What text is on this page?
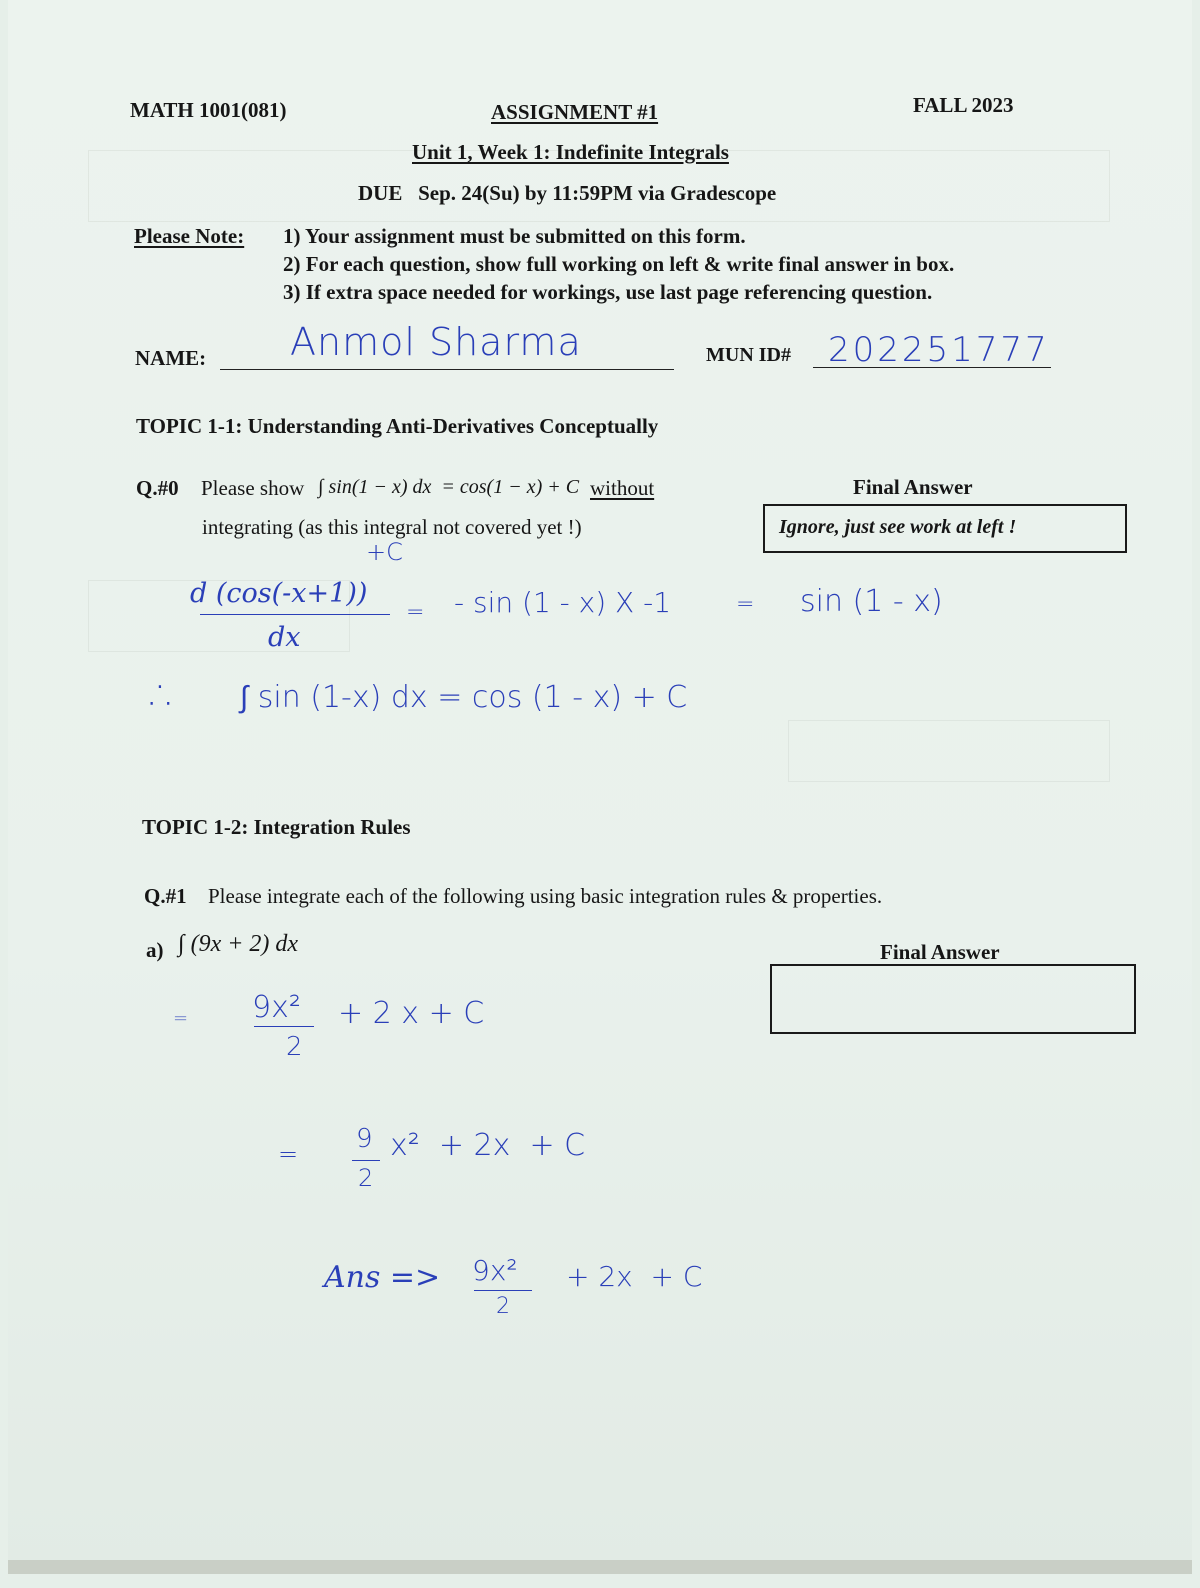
MATH 1001(081)	ASSIGNMENT #1	FALL 2023
Unit 1, Week 1: Indefinite Integrals
DUE   Sep. 24(Su) by 11:59PM via Gradescope
Please Note: 1) Your assignment must be submitted on this form.
2) For each question, show full working on left & write final answer in box.
3) If extra space needed for workings, use last page referencing question.
NAME: Anmol Sharma	MUN ID# 202251777
TOPIC 1-1: Understanding Anti-Derivatives Conceptually
Q.#0 Please show ∫ sin(1 − x) dx  = cos(1 − x) + C without
integrating (as this integral not covered yet !)
Final Answer
Ignore, just see work at left !
+C
d (cos(-x+1))
dx
= - sin (1 - x) X -1	= sin (1 - x)
∴ ∫ sin (1-x) dx = cos (1 - x) + C
TOPIC 1-2: Integration Rules
Q.#1 Please integrate each of the following using basic integration rules & properties.
a) ∫ (9x + 2) dx	Final Answer
= 9x²
2
+ 2 x + C
= 9
2
x²  + 2x  + C
Ans => 9x²
2
+ 2x  + C
